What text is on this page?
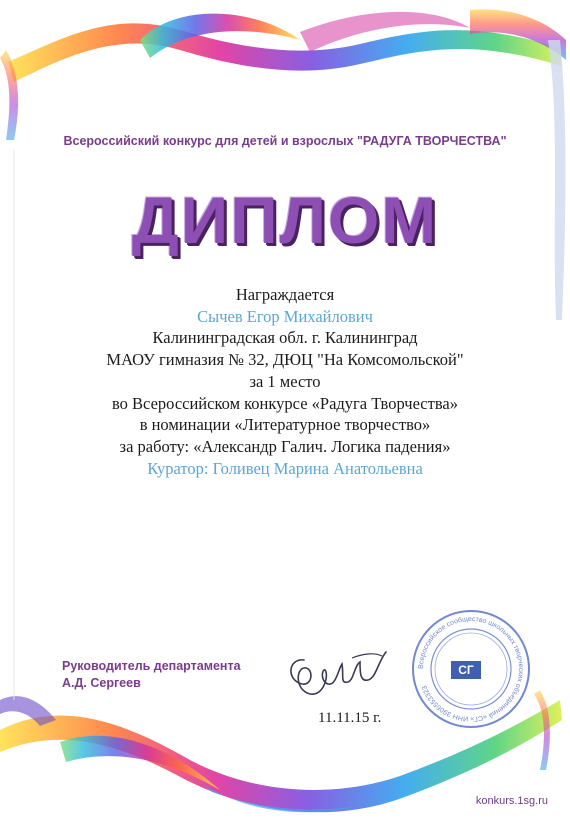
Всероссийский конкурс для детей и взрослых "РАДУГА ТВОРЧЕСТВА"
ДИПЛОМ
Награждается
Сычев Егор Михайлович
Калининградская обл. г. Калининград
МАОУ гимназия № 32, ДЮЦ "На Комсомольской"
за 1 место
во Всероссийском конкурсе «Радуга Творчества»
в номинации «Литературное творчество»
за работу: «Александр Галич. Логика падения»
Куратор: Голивец Марина Анатольевна
Руководитель департамента
А.Д. Сергеев
11.11.15 г.
Всероссийское сообщество школьных творческих объединений «СГ» ИНН 3906553323
СГ
konkurs.1sg.ru
